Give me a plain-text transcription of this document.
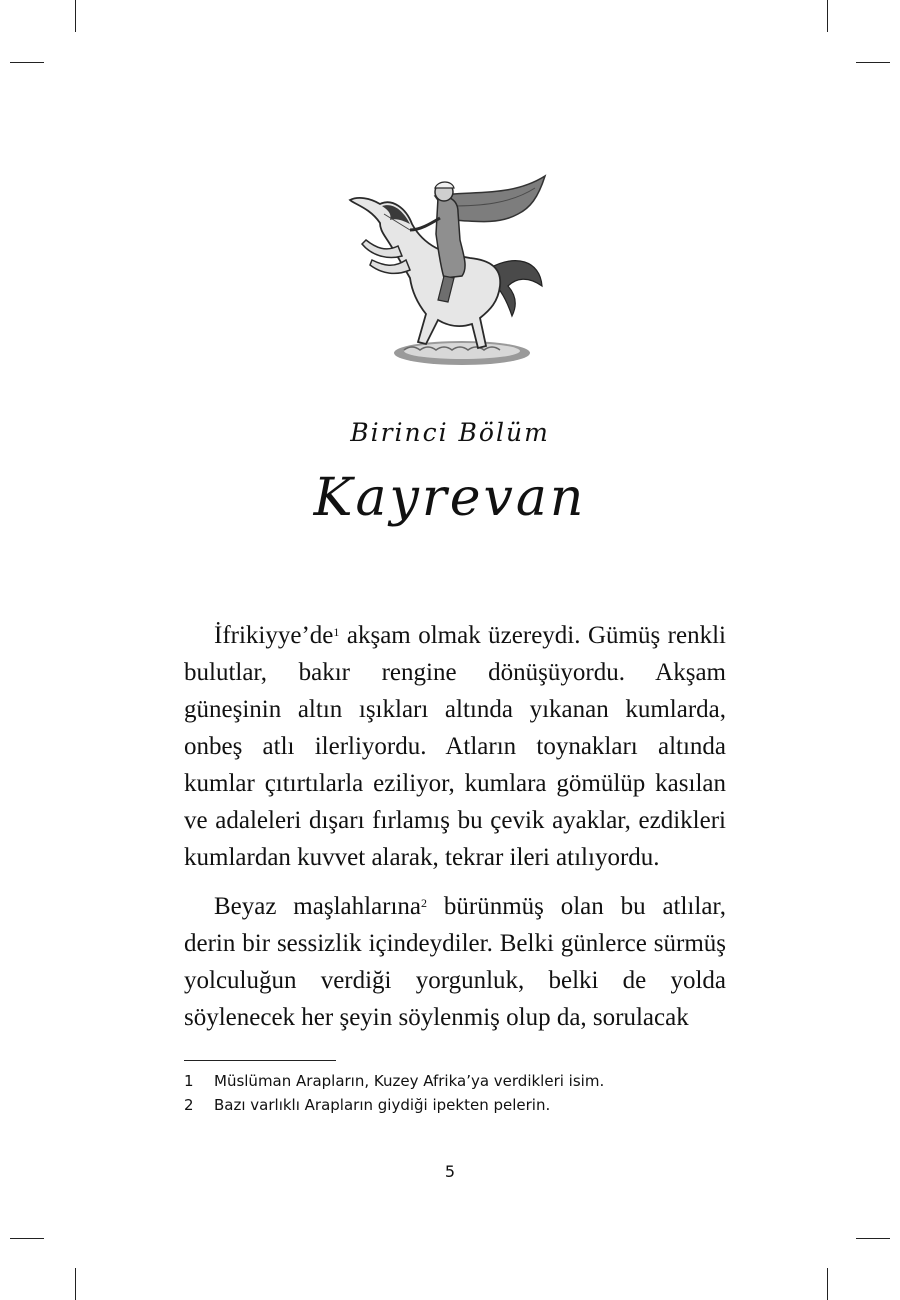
Birinci Bölüm
Kayrevan

$İfrikiyye’de^1$ akşam olmak üzereydi. Gümüş renkli bulutlar, bakır rengine dönüşüyordu. Akşam güneşinin altın ışıkları altında yıkanan kumlarda, onbeş atlı ilerliyordu. Atların toynakları altında kumlar çıtırtılarla eziliyor, kumlara gömülüp kasılan ve adaleleri dışarı fırlamış bu çevik ayaklar, ezdikleri kumlardan kuvvet alarak, tekrar ileri atılıyordu.

Beyaz maşlahlarına$^2$ bürünmüş olan bu atlılar, derin bir sessizlik içindeydiler. Belki günlerce sürmüş yolculuğun verdiği yorgunluk, belki de yolda söylenecek her şeyin söylenmiş olup da, sorulacak

1	Müslüman Arapların, Kuzey Afrika’ya verdikleri isim.
2	Bazı varlıklı Arapların giydiği ipekten pelerin.
5
